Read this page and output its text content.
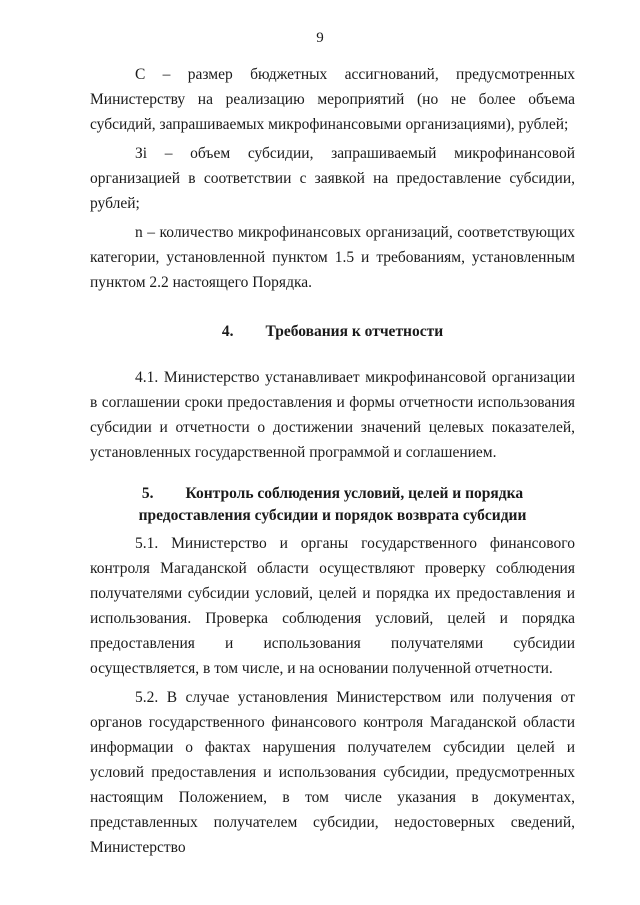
9

С – размер бюджетных ассигнований, предусмотренных Министерству на реализацию мероприятий (но не более объема субсидий, запрашиваемых микрофинансовыми организациями), рублей;

Зi – объем субсидии, запрашиваемый микрофинансовой организацией в соответствии с заявкой на предоставление субсидии, рублей;

n – количество микрофинансовых организаций, соответствующих категории, установленной пунктом 1.5 и требованиям, установленным пунктом 2.2 настоящего Порядка.

4. Требования к отчетности

4.1. Министерство устанавливает микрофинансовой организации в соглашении сроки предоставления и формы отчетности использования субсидии и отчетности о достижении значений целевых показателей, установленных государственной программой и соглашением.

5. Контроль соблюдения условий, целей и порядка
предоставления субсидии и порядок возврата субсидии

5.1. Министерство и органы государственного финансового контроля Магаданской области осуществляют проверку соблюдения получателями субсидии условий, целей и порядка их предоставления и использования. Проверка соблюдения условий, целей и порядка предоставления и использования получателями субсидии осуществляется, в том числе, и на основании полученной отчетности.

5.2. В случае установления Министерством или получения от органов государственного финансового контроля Магаданской области информации о фактах нарушения получателем субсидии целей и условий предоставления и использования субсидии, предусмотренных настоящим Положением, в том числе указания в документах, представленных получателем субсидии, недостоверных сведений, Министерство
